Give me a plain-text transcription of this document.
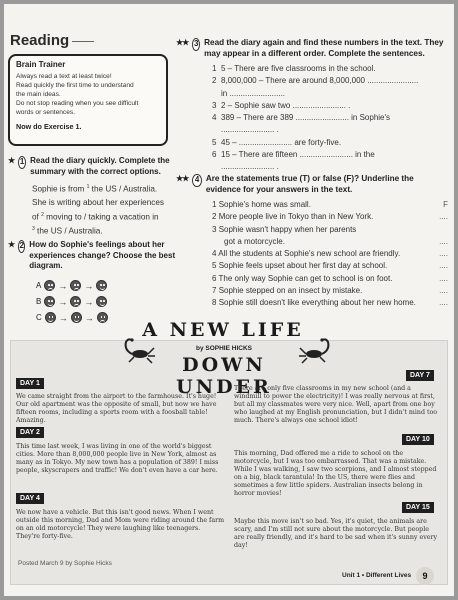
Reading
Brain Trainer
Always read a text at least twice!
Read quickly the first time to understand
the main ideas.
Do not stop reading when you see difficult
words or sentences.
Now do Exercise 1.
★ 1 Read the diary quickly. Complete the summary with the correct options.
Sophie is from $^1$ the US / Australia.
She is writing about her experiences
of $^2$ moving to / taking a vacation in
$^3$ the US / Australia.
★ 2 How do Sophie's feelings about her experiences change? Choose the best diagram.
A → →
B → →
C → →
★★ 3 Read the diary again and find these numbers in the text. They may appear in a different order. Complete the sentences.
1 5 – There are five classrooms in the school.
2 8,000,000 – There are around 8,000,000 .......................
in .........................
3 2 – Sophie saw two ........................ .
4 389 – There are 389 ........................ in Sophie's
........................ .
5 45 – ........................ are forty-five.
6 15 – There are fifteen ........................ in the
........................ .
★★ 4 Are the statements true (T) or false (F)? Underline the evidence for your answers in the text.
1 Sophie's home was small.	F
2 More people live in Tokyo than in New York.	....
3 Sophie wasn't happy when her parents
got a motorcycle.	....
4 All the students at Sophie's new school are friendly.	....
5 Sophie feels upset about her first day at school.	....
6 The only way Sophie can get to school is on foot.	....
7 Sophie stepped on an insect by mistake.	....
8 Sophie still doesn't like everything about her new home.	....
A NEW LIFE
by SOPHIE HICKS
DOWN UNDER
DAY 1
We came straight from the airport to the farmhouse. It's huge! Our old apartment was the opposite of small, but now we have fifteen rooms, including a sports room with a foosball table! Amazing.
DAY 2
This time last week, I was living in one of the world's biggest cities. More than 8,000,000 people live in New York, almost as many as in Tokyo. My new town has a population of 389! I miss people, skyscrapers and traffic! We don't even have a car here.
DAY 4
We now have a vehicle. But this isn't good news. When I went outside this morning, Dad and Mom were riding around the farm on an old motorcycle! They were laughing like teenagers. They're forty-five.
Posted March 9 by Sophie Hicks
DAY 7
There are only five classrooms in my new school (and a windmill to power the electricity)! I was really nervous at first, but all my classmates were very nice. Well, apart from one boy who laughed at my English pronunciation, but I didn't mind too much. There's always one school idiot!
DAY 10
This morning, Dad offered me a ride to school on the motorcycle, but I was too embarrassed. That was a mistake. While I was walking, I saw two scorpions, and I almost stepped on a big, black tarantula! In the US, there were flies and sometimes a few little spiders. Australian insects belong in horror movies!
DAY 15
Maybe this move isn't so bad. Yes, it's quiet, the animals are scary, and I'm still not sure about the motorcycle. But people are really friendly, and it's hard to be sad when it's sunny every day!
Unit 1 • Different Lives	9
